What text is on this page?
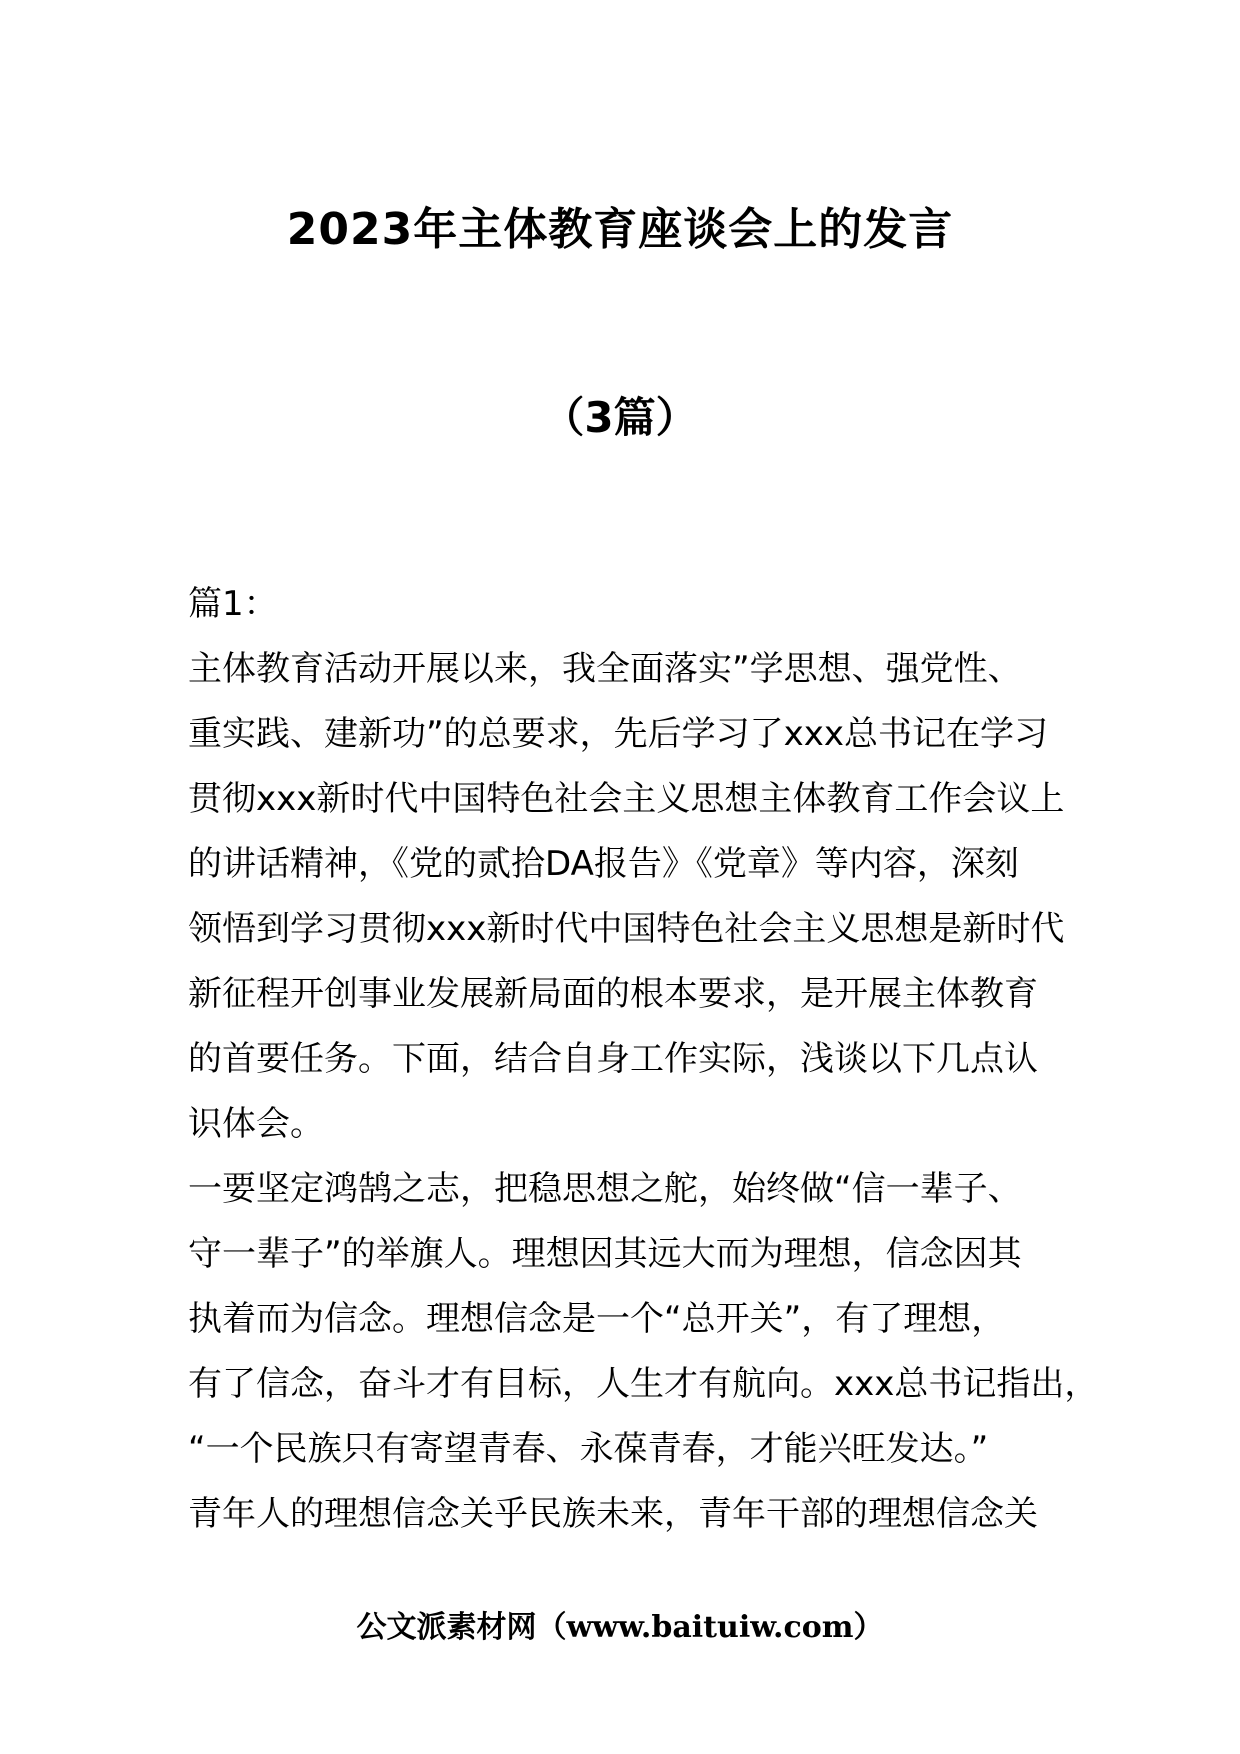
2023年主体教育座谈会上的发言
（3篇）
篇1：
主体教育活动开展以来，我全面落实”学思想、强党性、
重实践、建新功”的总要求，先后学习了xxx总书记在学习
贯彻xxx新时代中国特色社会主义思想主体教育工作会议上
的讲话精神，《党的贰拾DA报告》《党章》等内容，深刻
领悟到学习贯彻xxx新时代中国特色社会主义思想是新时代
新征程开创事业发展新局面的根本要求，是开展主体教育
的首要任务。下面，结合自身工作实际，浅谈以下几点认
识体会。
一要坚定鸿鹄之志，把稳思想之舵，始终做“信一辈子、
守一辈子”的举旗人。理想因其远大而为理想，信念因其
执着而为信念。理想信念是一个“总开关”，有了理想，
有了信念，奋斗才有目标，人生才有航向。xxx总书记指出，
“一个民族只有寄望青春、永葆青春，才能兴旺发达。”
青年人的理想信念关乎民族未来，青年干部的理想信念关
公文派素材网（www.baituiw.com）
